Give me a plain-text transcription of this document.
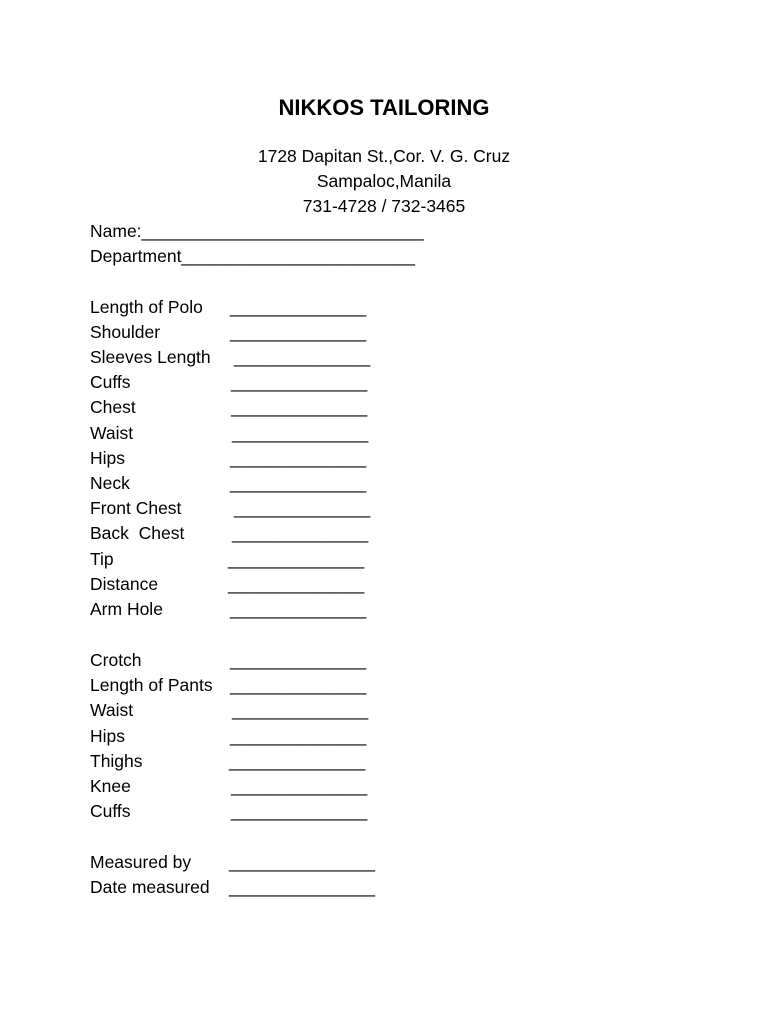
NIKKOS TAILORING
1728 Dapitan St.,Cor. V. G. Cruz
Sampaloc,Manila
731-4728 / 732-3465
Name:_____________________________
Department________________________
Length of Polo ______________
Shoulder	______________
Sleeves Length ______________
Cuffs	______________
Chest	______________
Waist	______________
Hips	______________
Neck	______________
Front Chest	______________
Back  Chest	______________
Tip	______________
Distance	______________
Arm Hole	______________
Crotch	______________
Length of Pants ______________
Waist	______________
Hips	______________
Thighs	______________
Knee	______________
Cuffs	______________
Measured by _______________
Date measured _______________
